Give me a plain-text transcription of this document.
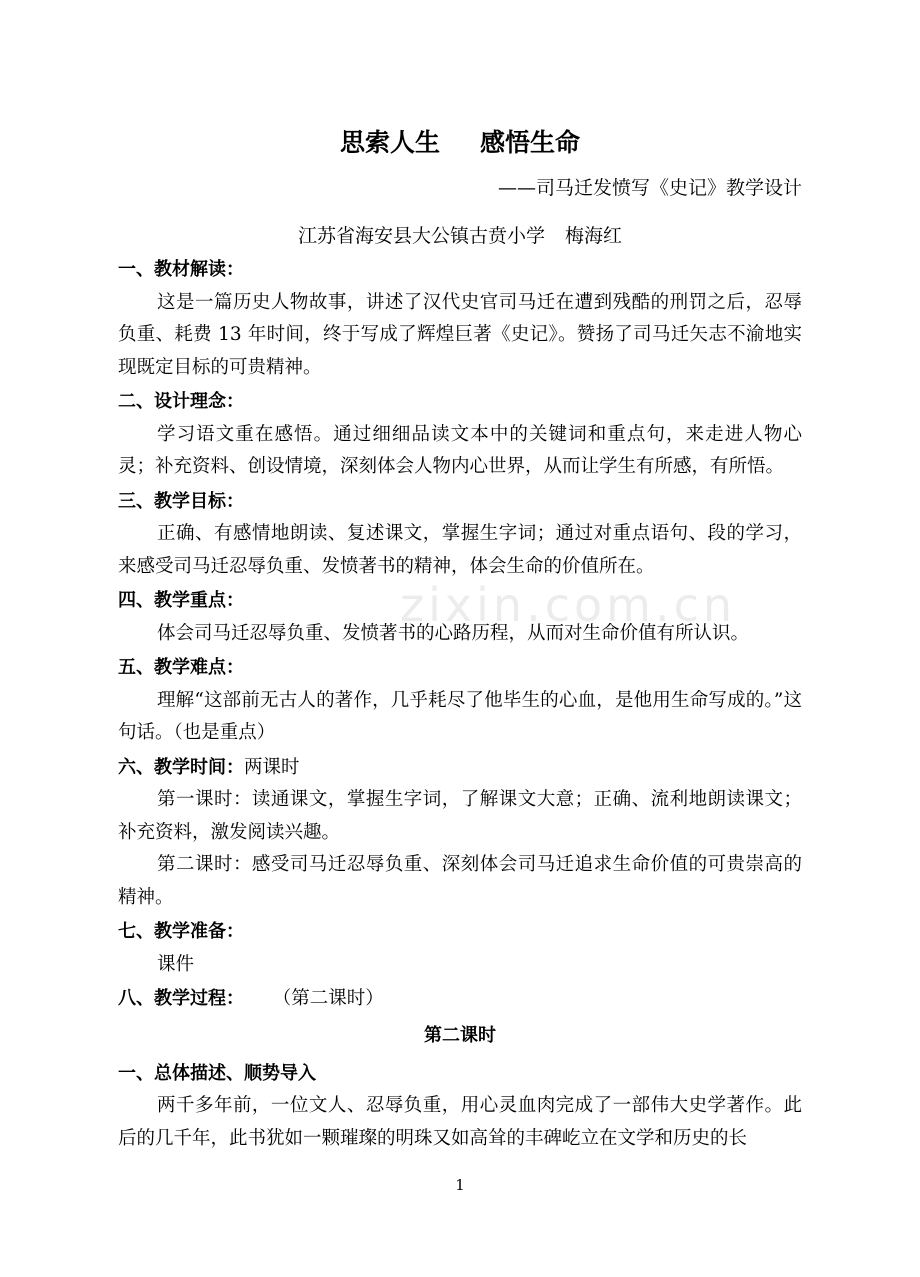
思索人生 感悟生命
——司马迁发愤写《史记》教学设计
江苏省海安县大公镇古贲小学 梅海红
zixin.com.cn
一、教材解读：

这是一篇历史人物故事，讲述了汉代史官司马迁在遭到残酷的刑罚之后，忍辱负重、耗费 13 年时间，终于写成了辉煌巨著《史记》。赞扬了司马迁矢志不渝地实现既定目标的可贵精神。

二、设计理念：

学习语文重在感悟。通过细细品读文本中的关键词和重点句，来走进人物心灵；补充资料、创设情境，深刻体会人物内心世界，从而让学生有所感，有所悟。

三、教学目标：

正确、有感情地朗读、复述课文，掌握生字词；通过对重点语句、段的学习，来感受司马迁忍辱负重、发愤著书的精神，体会生命的价值所在。

四、教学重点：

体会司马迁忍辱负重、发愤著书的心路历程，从而对生命价值有所认识。

五、教学难点：

理解“这部前无古人的著作，几乎耗尽了他毕生的心血，是他用生命写成的。”这句话。（也是重点）

六、教学时间：两课时

第一课时：读通课文，掌握生字词，了解课文大意；正确、流利地朗读课文；补充资料，激发阅读兴趣。

第二课时：感受司马迁忍辱负重、深刻体会司马迁追求生命价值的可贵崇高的精神。

七、教学准备：

课件

八、教学过程： （第二课时）
第二课时
一、总体描述、顺势导入

两千多年前，一位文人、忍辱负重，用心灵血肉完成了一部伟大史学著作。此后的几千年，此书犹如一颗璀璨的明珠又如高耸的丰碑屹立在文学和历史的长

1
